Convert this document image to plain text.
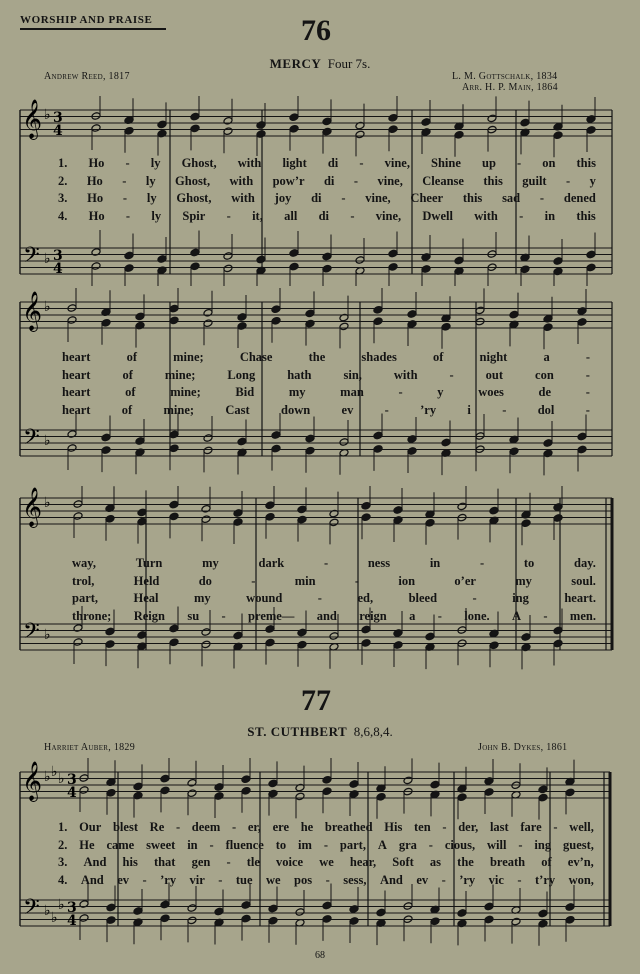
WORSHIP AND PRAISE	76
MERCY Four 7s.
Andrew Reed, 1817	L. M. Gottschalk, 1834
Arr. H. P. Main, 1864
𝄞
𝄢
♭
♭
3
4
3
4
𝄞
𝄢
♭
♭
𝄞
𝄢
♭
♭
77
ST. CUTHBERT 8,6,8,4.
Harriet Auber, 1829	John B. Dykes, 1861
𝄞
𝄢
♭
♭
♭
♭
♭
♭
3
4
3
4
1. Ho - ly Ghost, with light di - vine, Shine up - on this
2. Ho - ly Ghost, with pow’r di - vine, Cleanse this guilt - y
3. Ho - ly Ghost, with joy di - vine, Cheer this sad - dened
4. Ho - ly Spir - it, all di - vine, Dwell with - in this
heart	of	mine;	Chase	the	shades	of	night	a	-
heart	of	mine;	Long	hath	sin,	with	-	out	con	-
heart	of	mine;	Bid	my	man	-	y	woes	de	-
heart	of	mine;	Cast	down	ev	-	’ry	i	-	dol	-
way,	Turn	my	dark	-	ness	in	-	to	day.
trol,	Held	do	-	min	-	ion	o’er	my	soul.
part,	Heal	my	wound	-	ed,	bleed	-	ing	heart.
throne; Reign su - preme— and reign a - lone. A - men.
1. Our blest Re - deem - er, ere he breathed His ten - der, last fare - well,
2. He came sweet in - fluence to im - part, A gra - cious, will - ing guest,
3. And his that gen - tle voice we hear, Soft as the breath of ev’n,
4. And ev - ’ry vir - tue we pos - sess, And ev - ’ry vic - t’ry won,
68
